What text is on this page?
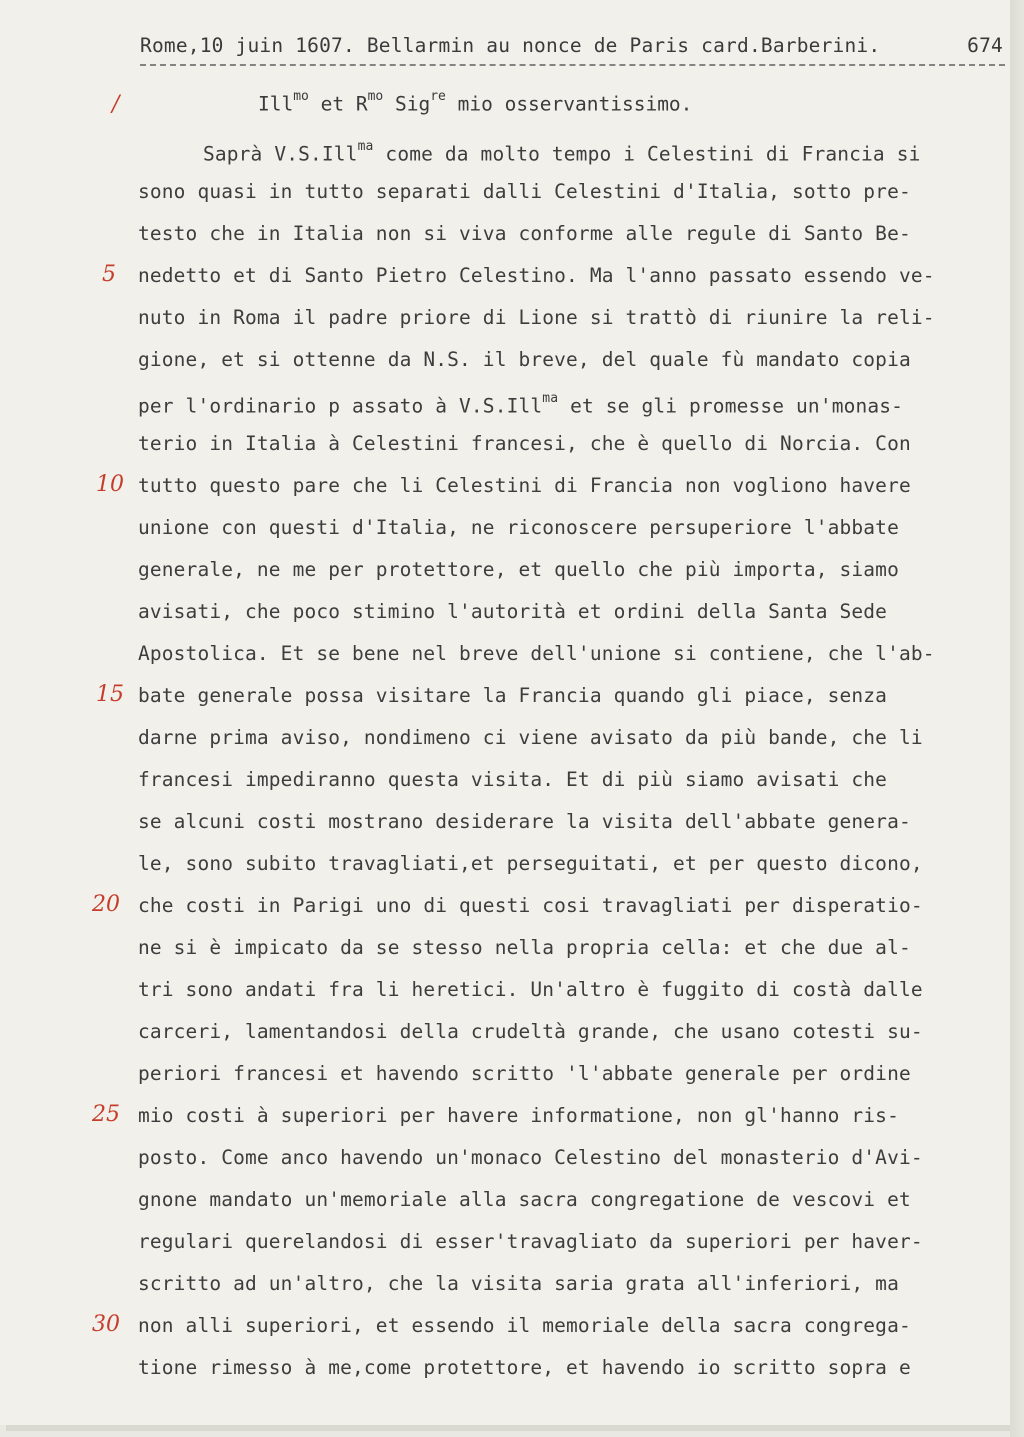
Rome,10 juin 1607. Bellarmin au nonce de Paris card.Barberini.	674
Ill$^{mo}$ et $R^{mo}$ Sig$^{re}$ mio osservantissimo.
Saprà V.S.Ill$^{ma}$ come da molto tempo i Celestini di Francia si
sono quasi in tutto separati dalli Celestini d'Italia, sotto pre-
testo che in Italia non si viva conforme alle regule di Santo Be-
nedetto et di Santo Pietro Celestino. Ma l'anno passato essendo ve-
nuto in Roma il padre priore di Lione si trattò di riunire la reli-
gione, et si ottenne da N.S. il breve, del quale fù mandato copia
per l'ordinario p assato à V.S.Ill$^{ma}$ et se gli promesse un'monas-
terio in Italia à Celestini francesi, che è quello di Norcia. Con
tutto questo pare che li Celestini di Francia non vogliono havere
unione con questi d'Italia, ne riconoscere persuperiore l'abbate
generale, ne me per protettore, et quello che più importa, siamo
avisati, che poco stimino l'autorità et ordini della Santa Sede
Apostolica. Et se bene nel breve dell'unione si contiene, che l'ab-
bate generale possa visitare la Francia quando gli piace, senza
darne prima aviso, nondimeno ci viene avisato da più bande, che li
francesi impediranno questa visita. Et di più siamo avisati che
se alcuni costi mostrano desiderare la visita dell'abbate genera-
le, sono subito travagliati,et perseguitati, et per questo dicono,
che costi in Parigi uno di questi cosi travagliati per disperatio-
ne si è impicato da se stesso nella propria cella: et che due al-
tri sono andati fra li heretici. Un'altro è fuggito di costà dalle
carceri, lamentandosi della crudeltà grande, che usano cotesti su-
periori francesi et havendo scritto 'l'abbate generale per ordine
mio costi à superiori per havere informatione, non gl'hanno ris-
posto. Come anco havendo un'monaco Celestino del monasterio d'Avi-
gnone mandato un'memoriale alla sacra congregatione de vescovi et
regulari querelandosi di esser'travagliato da superiori per haver-
scritto ad un'altro, che la visita saria grata all'inferiori, ma
non alli superiori, et essendo il memoriale della sacra congrega-
tione rimesso à me,come protettore, et havendo io scritto sopra e
/
5
10
15
20
25
30
